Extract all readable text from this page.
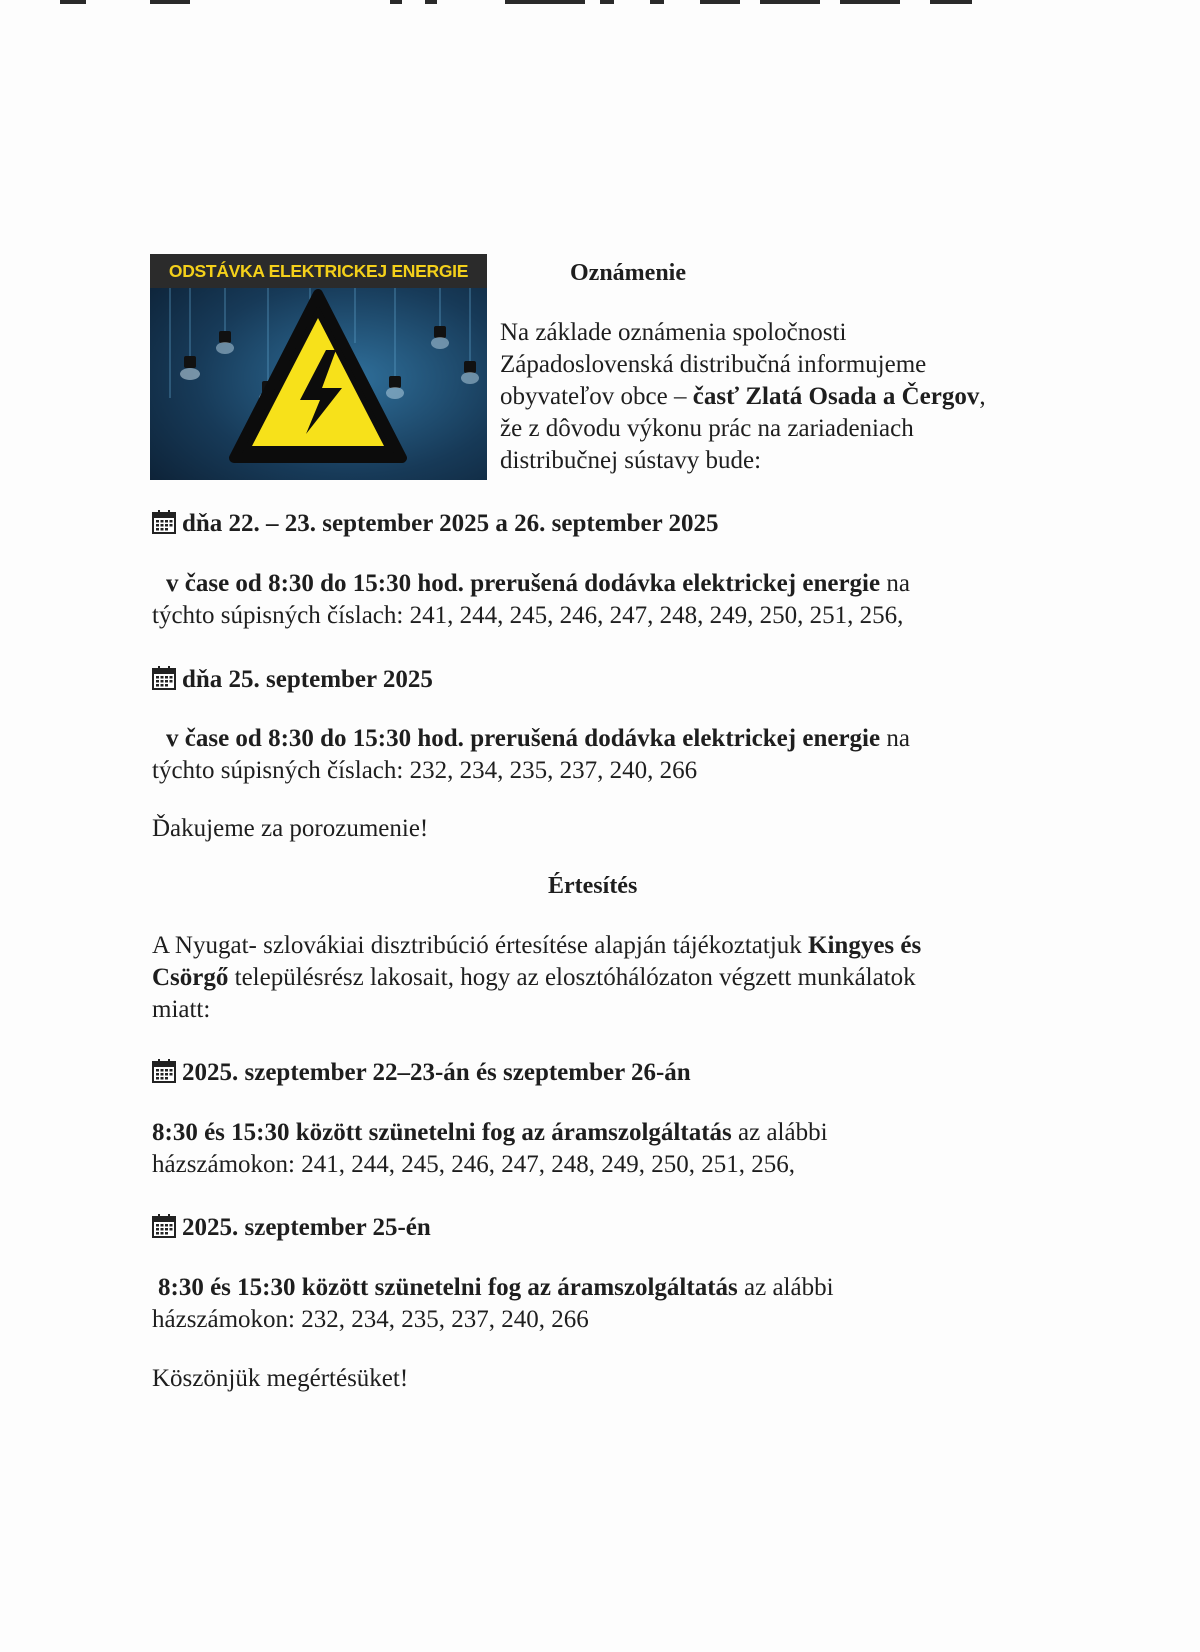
ODSTÁVKA ELEKTRICKEJ ENERGIE	Oznámenie

Na základe oznámenia spoločnosti

Západoslovenská distribučná informujeme

obyvateľov obce – časť Zlatá Osada a Čergov,

že z dôvodu výkonu prác na zariadeniach

distribučnej sústavy bude:

dňa 22. – 23. september 2025 a 26. september 2025

v čase od 8:30 do 15:30 hod. prerušená dodávka elektrickej energie na

týchto súpisných číslach: 241, 244, 245, 246, 247, 248, 249, 250, 251, 256,

dňa 25. september 2025

v čase od 8:30 do 15:30 hod. prerušená dodávka elektrickej energie na

týchto súpisných číslach: 232, 234, 235, 237, 240, 266

Ďakujeme za porozumenie!

Értesítés

A Nyugat- szlovákiai disztribúció értesítése alapján tájékoztatjuk Kingyes és

Csörgő településrész lakosait, hogy az elosztóhálózaton végzett munkálatok

miatt:

2025. szeptember 22–23-án és szeptember 26-án

8:30 és 15:30 között szünetelni fog az áramszolgáltatás az alábbi

házszámokon: 241, 244, 245, 246, 247, 248, 249, 250, 251, 256,

2025. szeptember 25-én

8:30 és 15:30 között szünetelni fog az áramszolgáltatás az alábbi

házszámokon: 232, 234, 235, 237, 240, 266

Köszönjük megértésüket!
